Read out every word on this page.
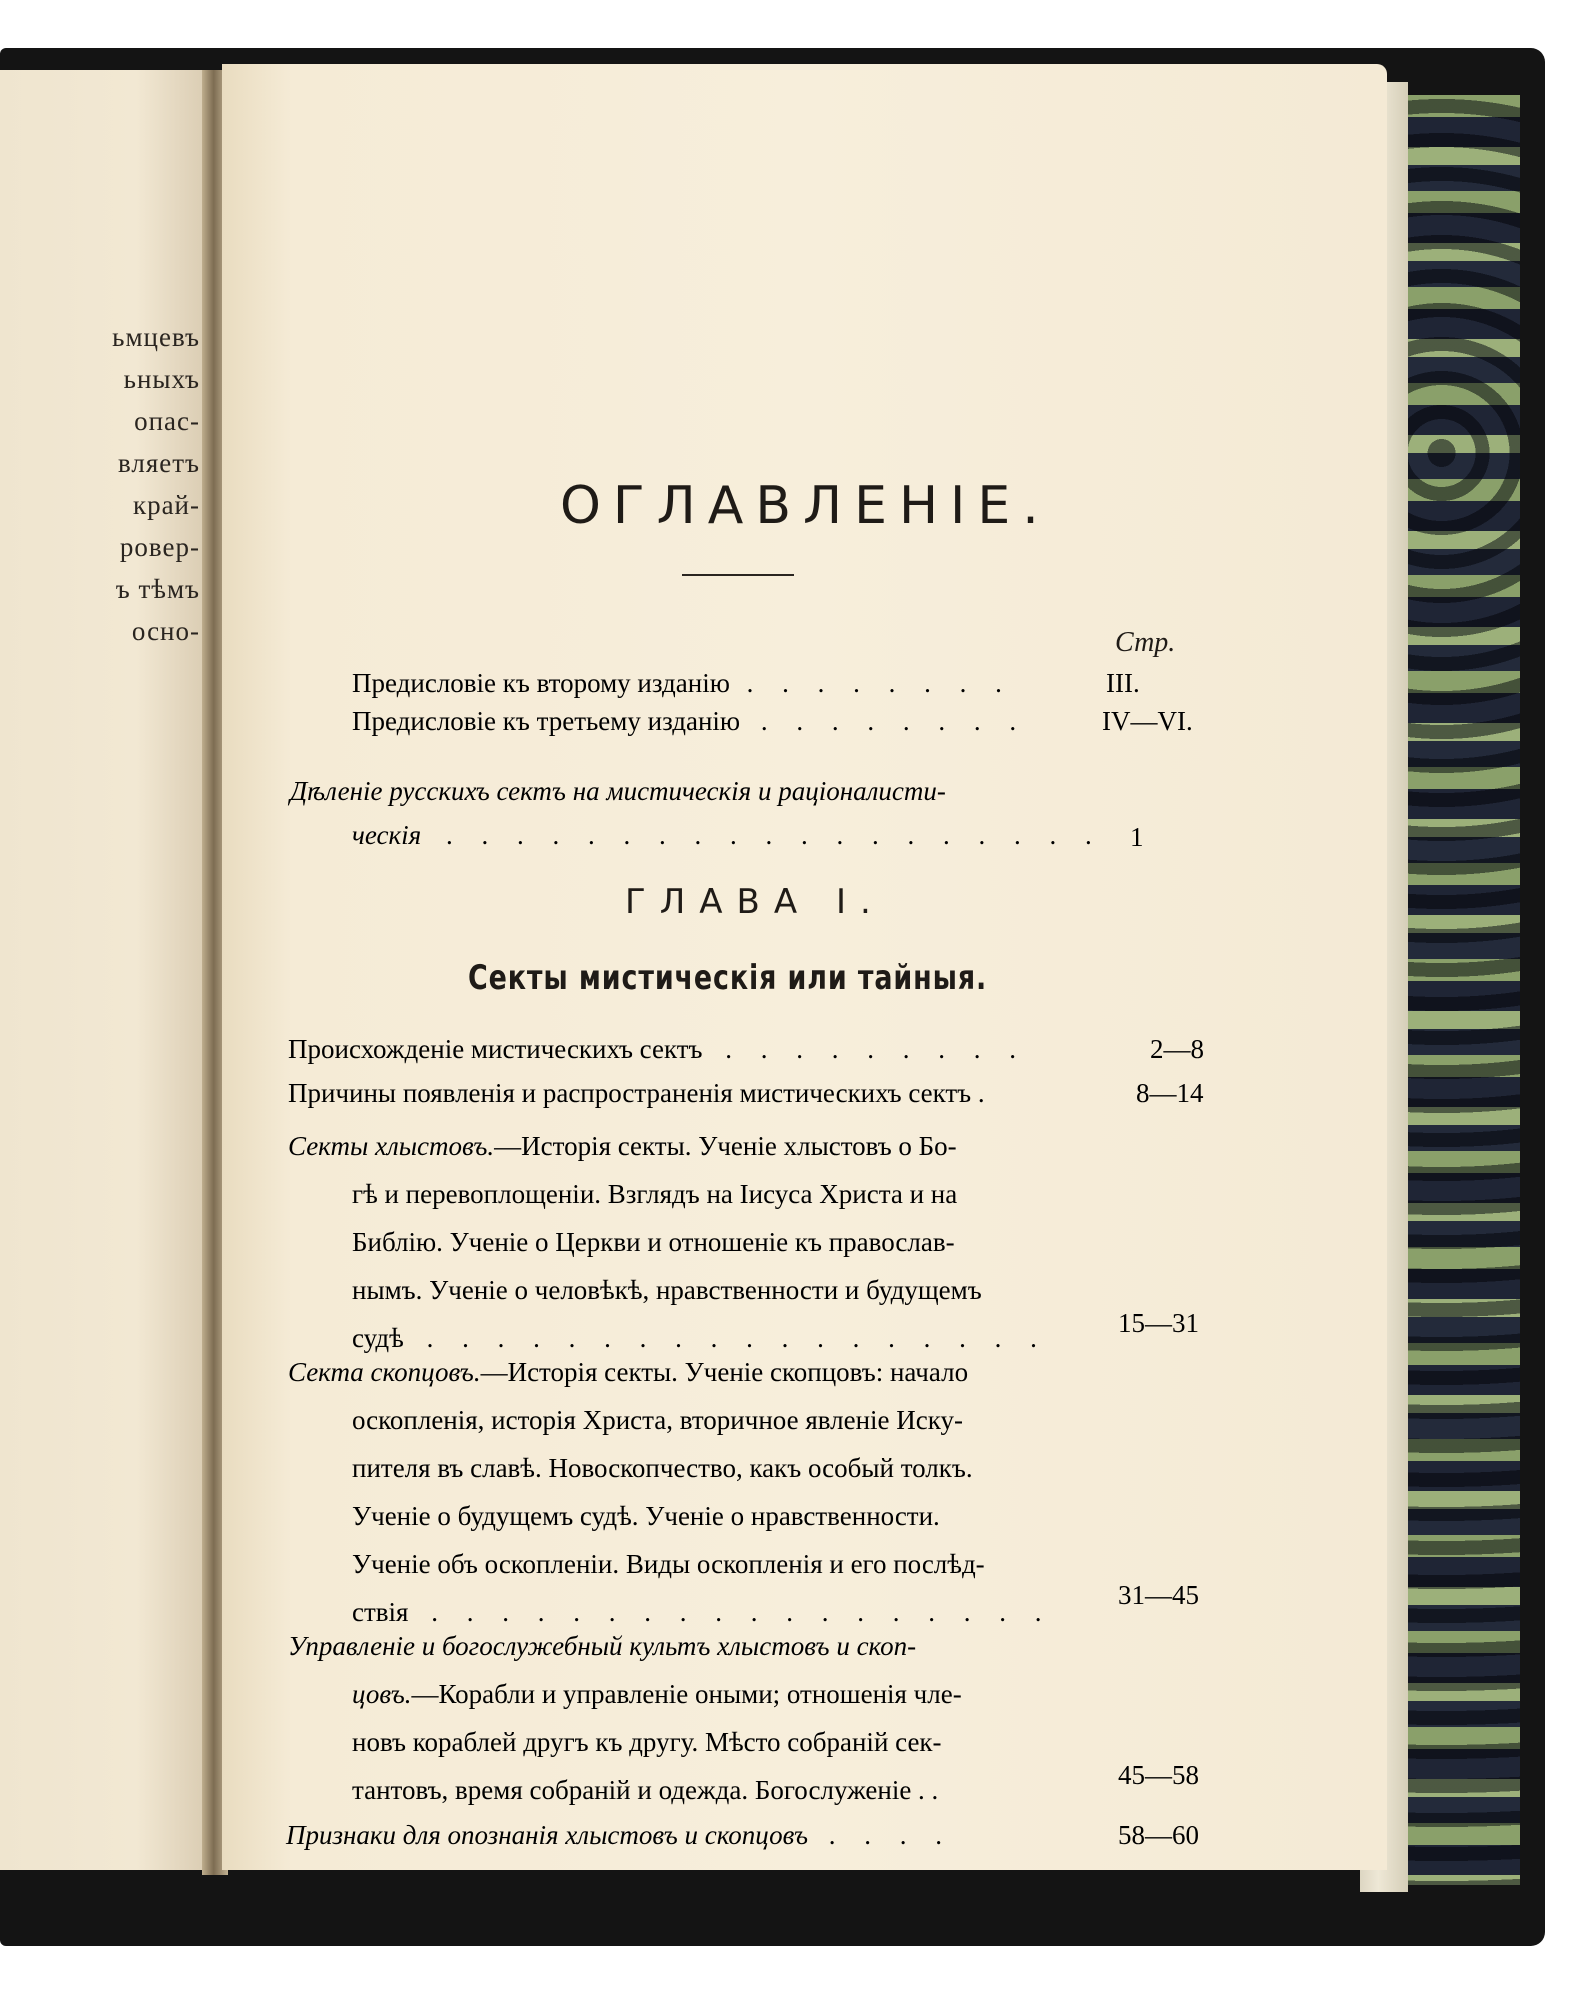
ьмцевъ
ьныхъ
опас-
вляетъ
край-
ровер-
ъ тѣмъ
осно-
ОГЛАВЛЕНІЕ.
Стр.
Предисловіе къ второму изданію . . . . . . . .	III.
Предисловіе къ третьему изданію . . . . . . . .	IV—VI.
Дѣленіе русскихъ сектъ на мистическія и раціоналисти-
ческія . . . . . . . . . . . . . . . . . . . 1
ГЛАВА I.
Секты мистическія или тайныя.
Происхожденіе мистическихъ сектъ . . . . . . . . .	2—8
Причины появленія и распространенія мистическихъ сектъ .	8—14
Секты хлыстовъ.—Исторія секты. Ученіе хлыстовъ о Бо-
гѣ и перевоплощеніи. Взглядъ на Іисуса Христа и на
Библію. Ученіе о Церкви и отношеніе къ православ-
нымъ. Ученіе о человѣкѣ, нравственности и будущемъ
судѣ . . . . . . . . . . . . . . . . . .	15—31
Секта скопцовъ.—Исторія секты. Ученіе скопцовъ: начало
оскопленія, исторія Христа, вторичное явленіе Иску-
пителя въ славѣ. Новоскопчество, какъ особый толкъ.
Ученіе о будущемъ судѣ. Ученіе о нравственности.
Ученіе объ оскопленіи. Виды оскопленія и его послѣд-
ствія . . . . . . . . . . . . . . . . . .
31—45
Управленіе и богослужебный культъ хлыстовъ и скоп-
цовъ.—Корабли и управленіе оными; отношенія чле-
новъ кораблей другъ къ другу. Мѣсто собраній сек-
тантовъ, время собраній и одежда. Богослуженіе . .	45—58
Признаки для опознанія хлыстовъ и скопцовъ . . . .	58—60
